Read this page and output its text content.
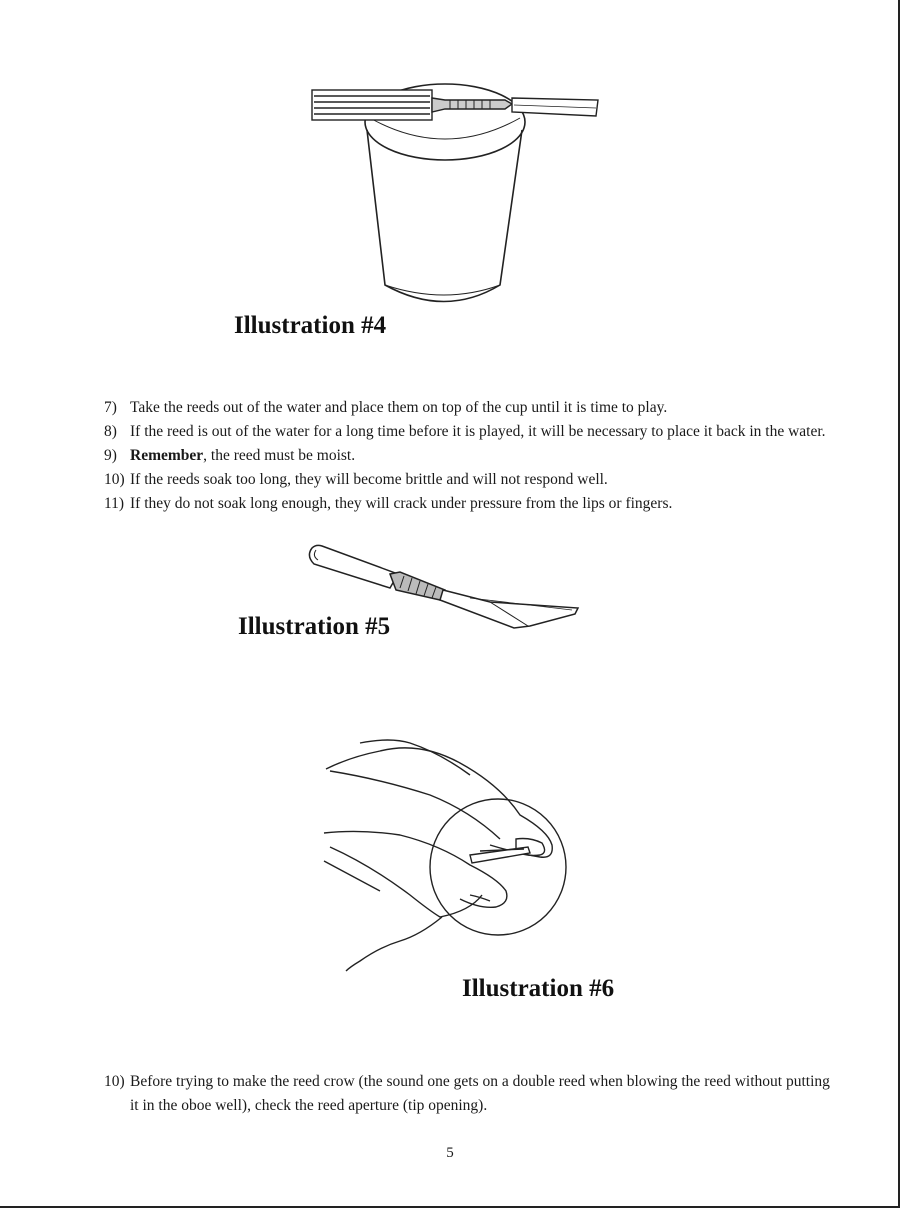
Illustration #4
7) Take the reeds out of the water and place them on top of the cup until it is time to play.
8) If the reed is out of the water for a long time before it is played, it will be necessary to place it back in the water.
9) Remember, the reed must be moist.
10) If the reeds soak too long, they will become brittle and will not respond well.
11) If they do not soak long enough, they will crack under pressure from the lips or fingers.
Illustration #5
Illustration #6
10) Before trying to make the reed crow (the sound one gets on a double reed when blowing the reed without putting it in the oboe well), check the reed aperture (tip opening).
5
